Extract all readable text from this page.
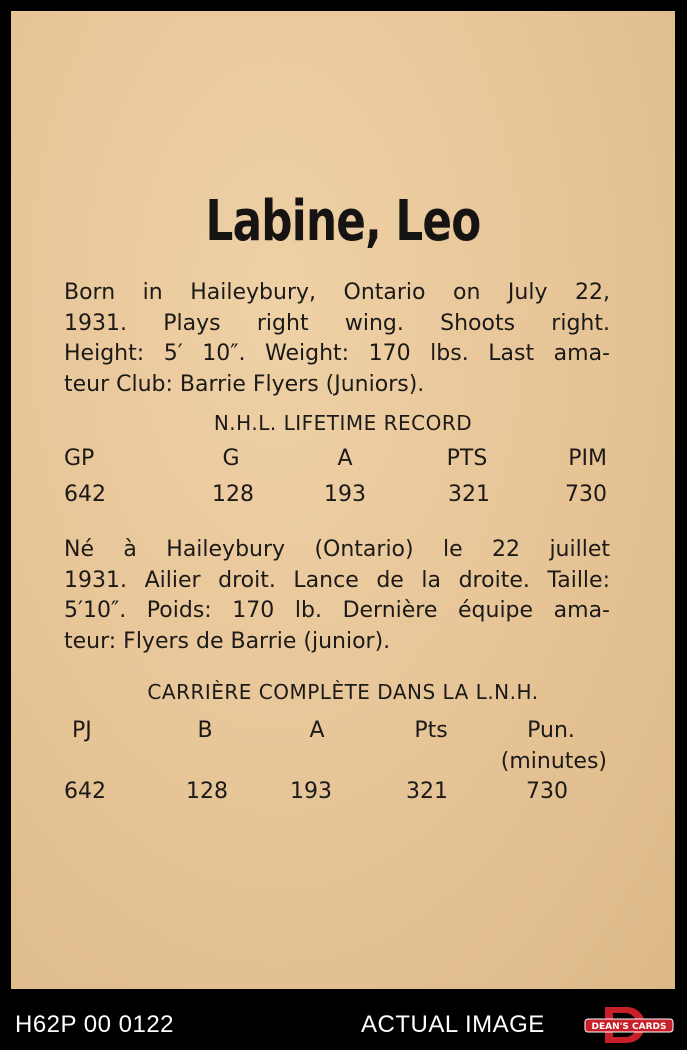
Labine, Leo
Born in Haileybury, Ontario on July 22,
1931. Plays right wing. Shoots right.
Height: 5′ 10″. Weight: 170 lbs. Last ama-
teur Club: Barrie Flyers (Juniors).
N.H.L. LIFETIME RECORD
GP	G	A	PTS	PIM
642	128	193	321	730
Né à Haileybury (Ontario) le 22 juillet
1931. Ailier droit. Lance de la droite. Taille:
5′10″. Poids: 170 lb. Dernière équipe ama-
teur: Flyers de Barrie (junior).
CARRIÈRE COMPLÈTE DANS LA L.N.H.
PJ	B	A	Pts	Pun.
(minutes)
642	128	193	321	730
H62P 00 0122	ACTUAL IMAGE	DEAN'S CARDS
